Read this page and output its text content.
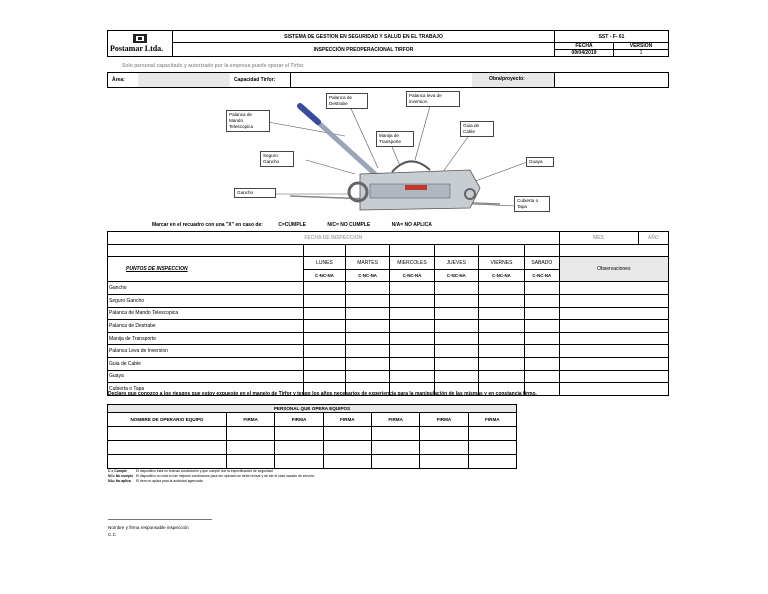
Postamar Ltda.	SISTEMA DE GESTION EN SEGURIDAD Y SALUD EN EL TRABAJO	SST - F- 61	
	INSPECCIÓN PREOPERACIONAL TIRFOR	FECHA	VERSION
		09/04/2019	1
Solo personal capacitado y autorizado por la empresa puede operar el Tirfor.
Área:	Capacidad Tirfor:	Obra/proyecto:
Palanca de Destrabe
Palanca leva de inversion
Palanca de Mando Telescopica
Manija de Transporte
Guia de Cable
Seguro Gancho	Guaya
Gancho
Cubierta o Tapa
Marcar en el recuadro con una "X" en caso de:	C=CUMPLE	N/C= NO CUMPLE	N/A= NO APLICA
FECHA DE INSPECCION							MES	AÑO

PUNTOS DE INSPECCION	LUNES	MARTES	MIERCOLES	JUEVES	VIERNES	SABADO	Observaciones	
	C-NC-NA	C-NC-NA	C-NC-NA	C-NC-NA	C-NC-NA	C-NC-NA		
Gancho								
Seguro Gancho								
Palanca de Mando Telescopica								
Palanca de Destrabe								
Manija de Transporte								
Palanca Leva de Inversion								
Guia de Cable								
Guaya								
Cubierta o Tapa								
Declaro que conozco a los riesgos que estoy expuesto en el manejo de Tirfor y tengo los años necesarios de experiencia para la manipulación de las mismas y en constancia firmo.
PERSONAL QUE OPERA EQUIPOS						
NOMBRE DE OPERARIO EQUIPO	FIRMA	FIRMA	FIRMA	FIRMA	FIRMA	FIRMA

C = Cumple	El dispositivo está en buenas condiciones y que cumple con la especificación de seguridad
NC= No cumple El dispositivo no está en las mejores condiciones para ser operado se debe revisar y de ser el caso sacado de servicio
NA= No aplica El ítem no aplica para la actividad agencada.
Nombre y firma responsable inspección
C.C
